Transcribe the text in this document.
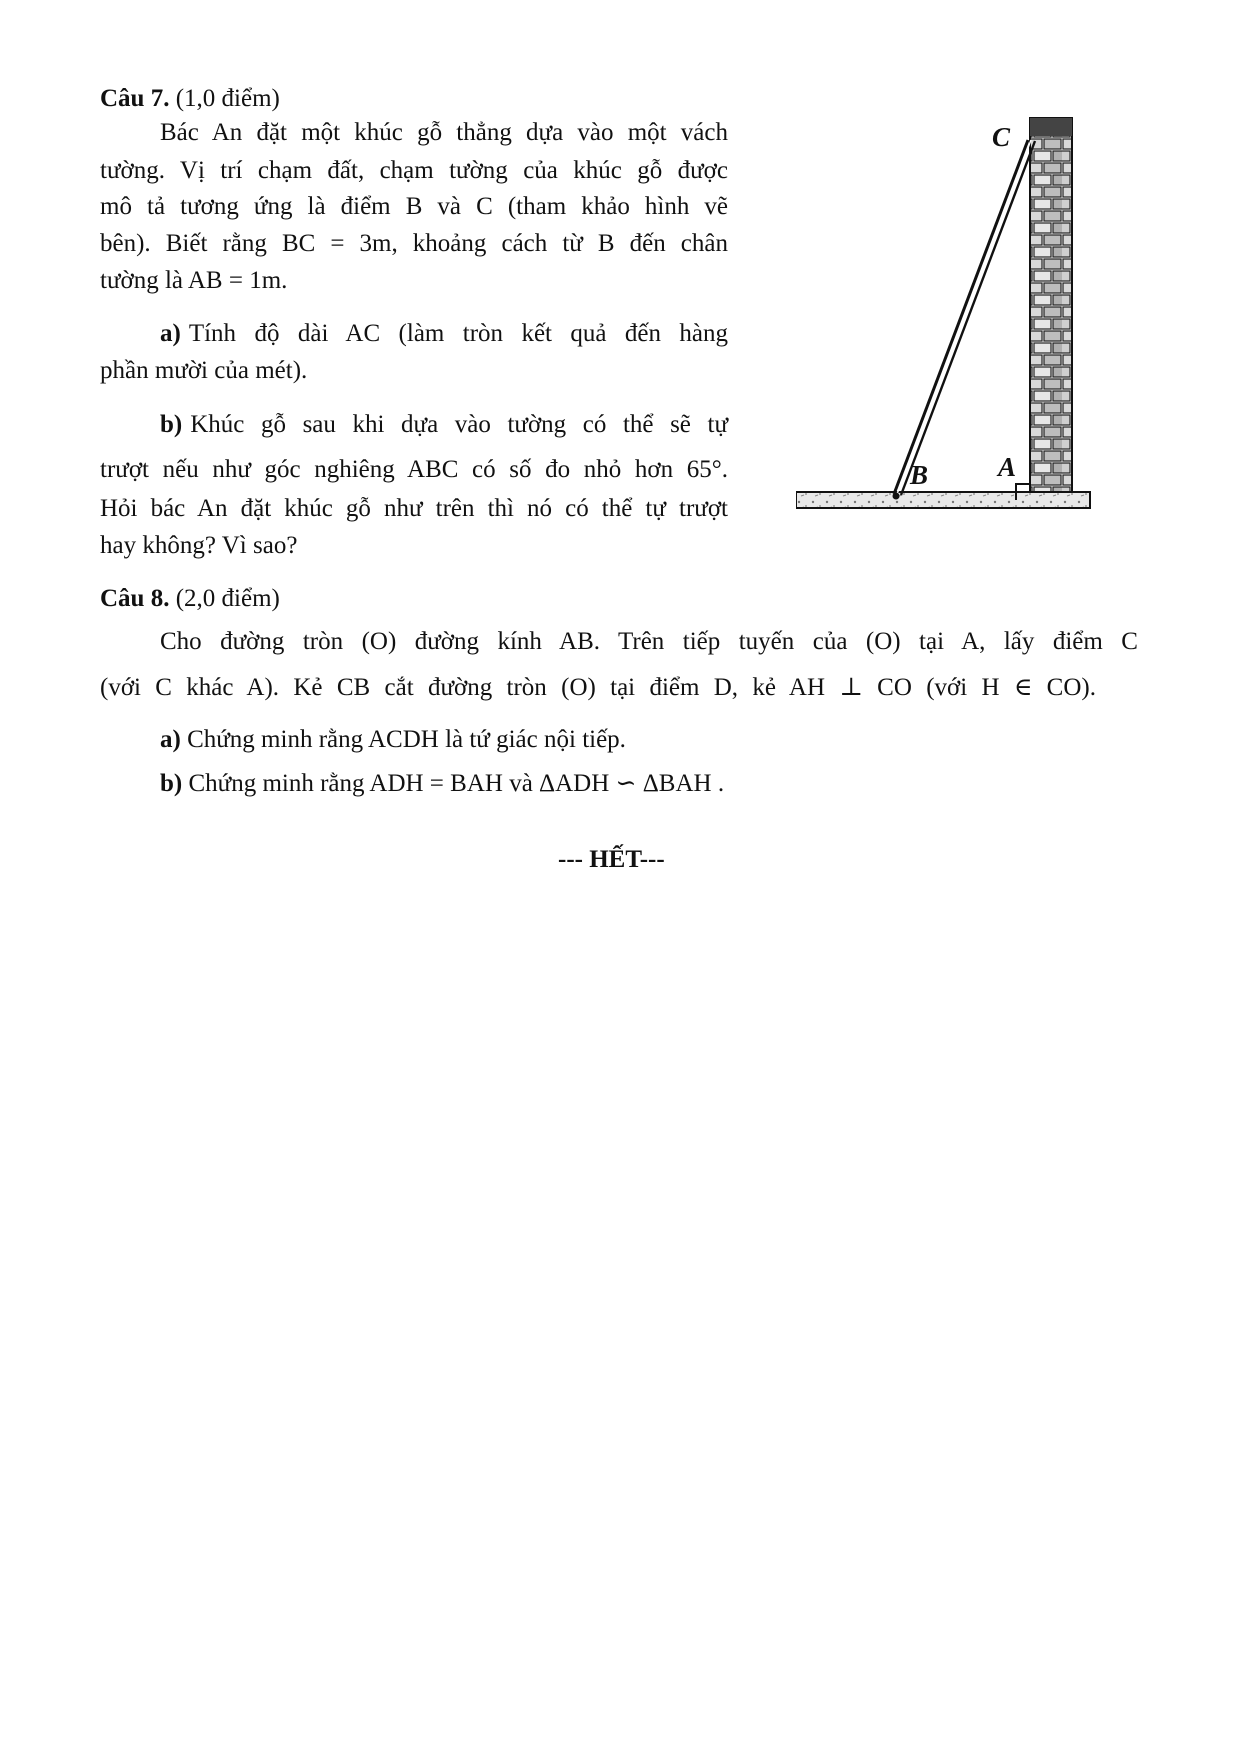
Câu 7. (1,0 điểm)
Bác An đặt một khúc gỗ thẳng dựa vào một vách
tường. Vị trí chạm đất, chạm tường của khúc gỗ được
mô tả tương ứng là điểm B và C (tham khảo hình vẽ
bên). Biết rằng BC = 3m, khoảng cách từ B đến chân
tường là AB = 1m.
a) Tính độ dài AC (làm tròn kết quả đến hàng
phần mười của mét).
b) Khúc gỗ sau khi dựa vào tường có thể sẽ tự
trượt nếu như góc nghiêng ABC có số đo nhỏ hơn 65°.
Hỏi bác An đặt khúc gỗ như trên thì nó có thể tự trượt
hay không? Vì sao?
C
B	A
Câu 8. (2,0 điểm)
Cho đường tròn (O) đường kính AB. Trên tiếp tuyến của (O) tại A, lấy điểm C
(với C khác A). Kẻ CB cắt đường tròn (O) tại điểm D, kẻ AH ⊥ CO (với H ∈ CO).
a) Chứng minh rằng ACDH là tứ giác nội tiếp.
b) Chứng minh rằng ADH = BAH và ΔADH ∽ ΔBAH .
--- HẾT---
